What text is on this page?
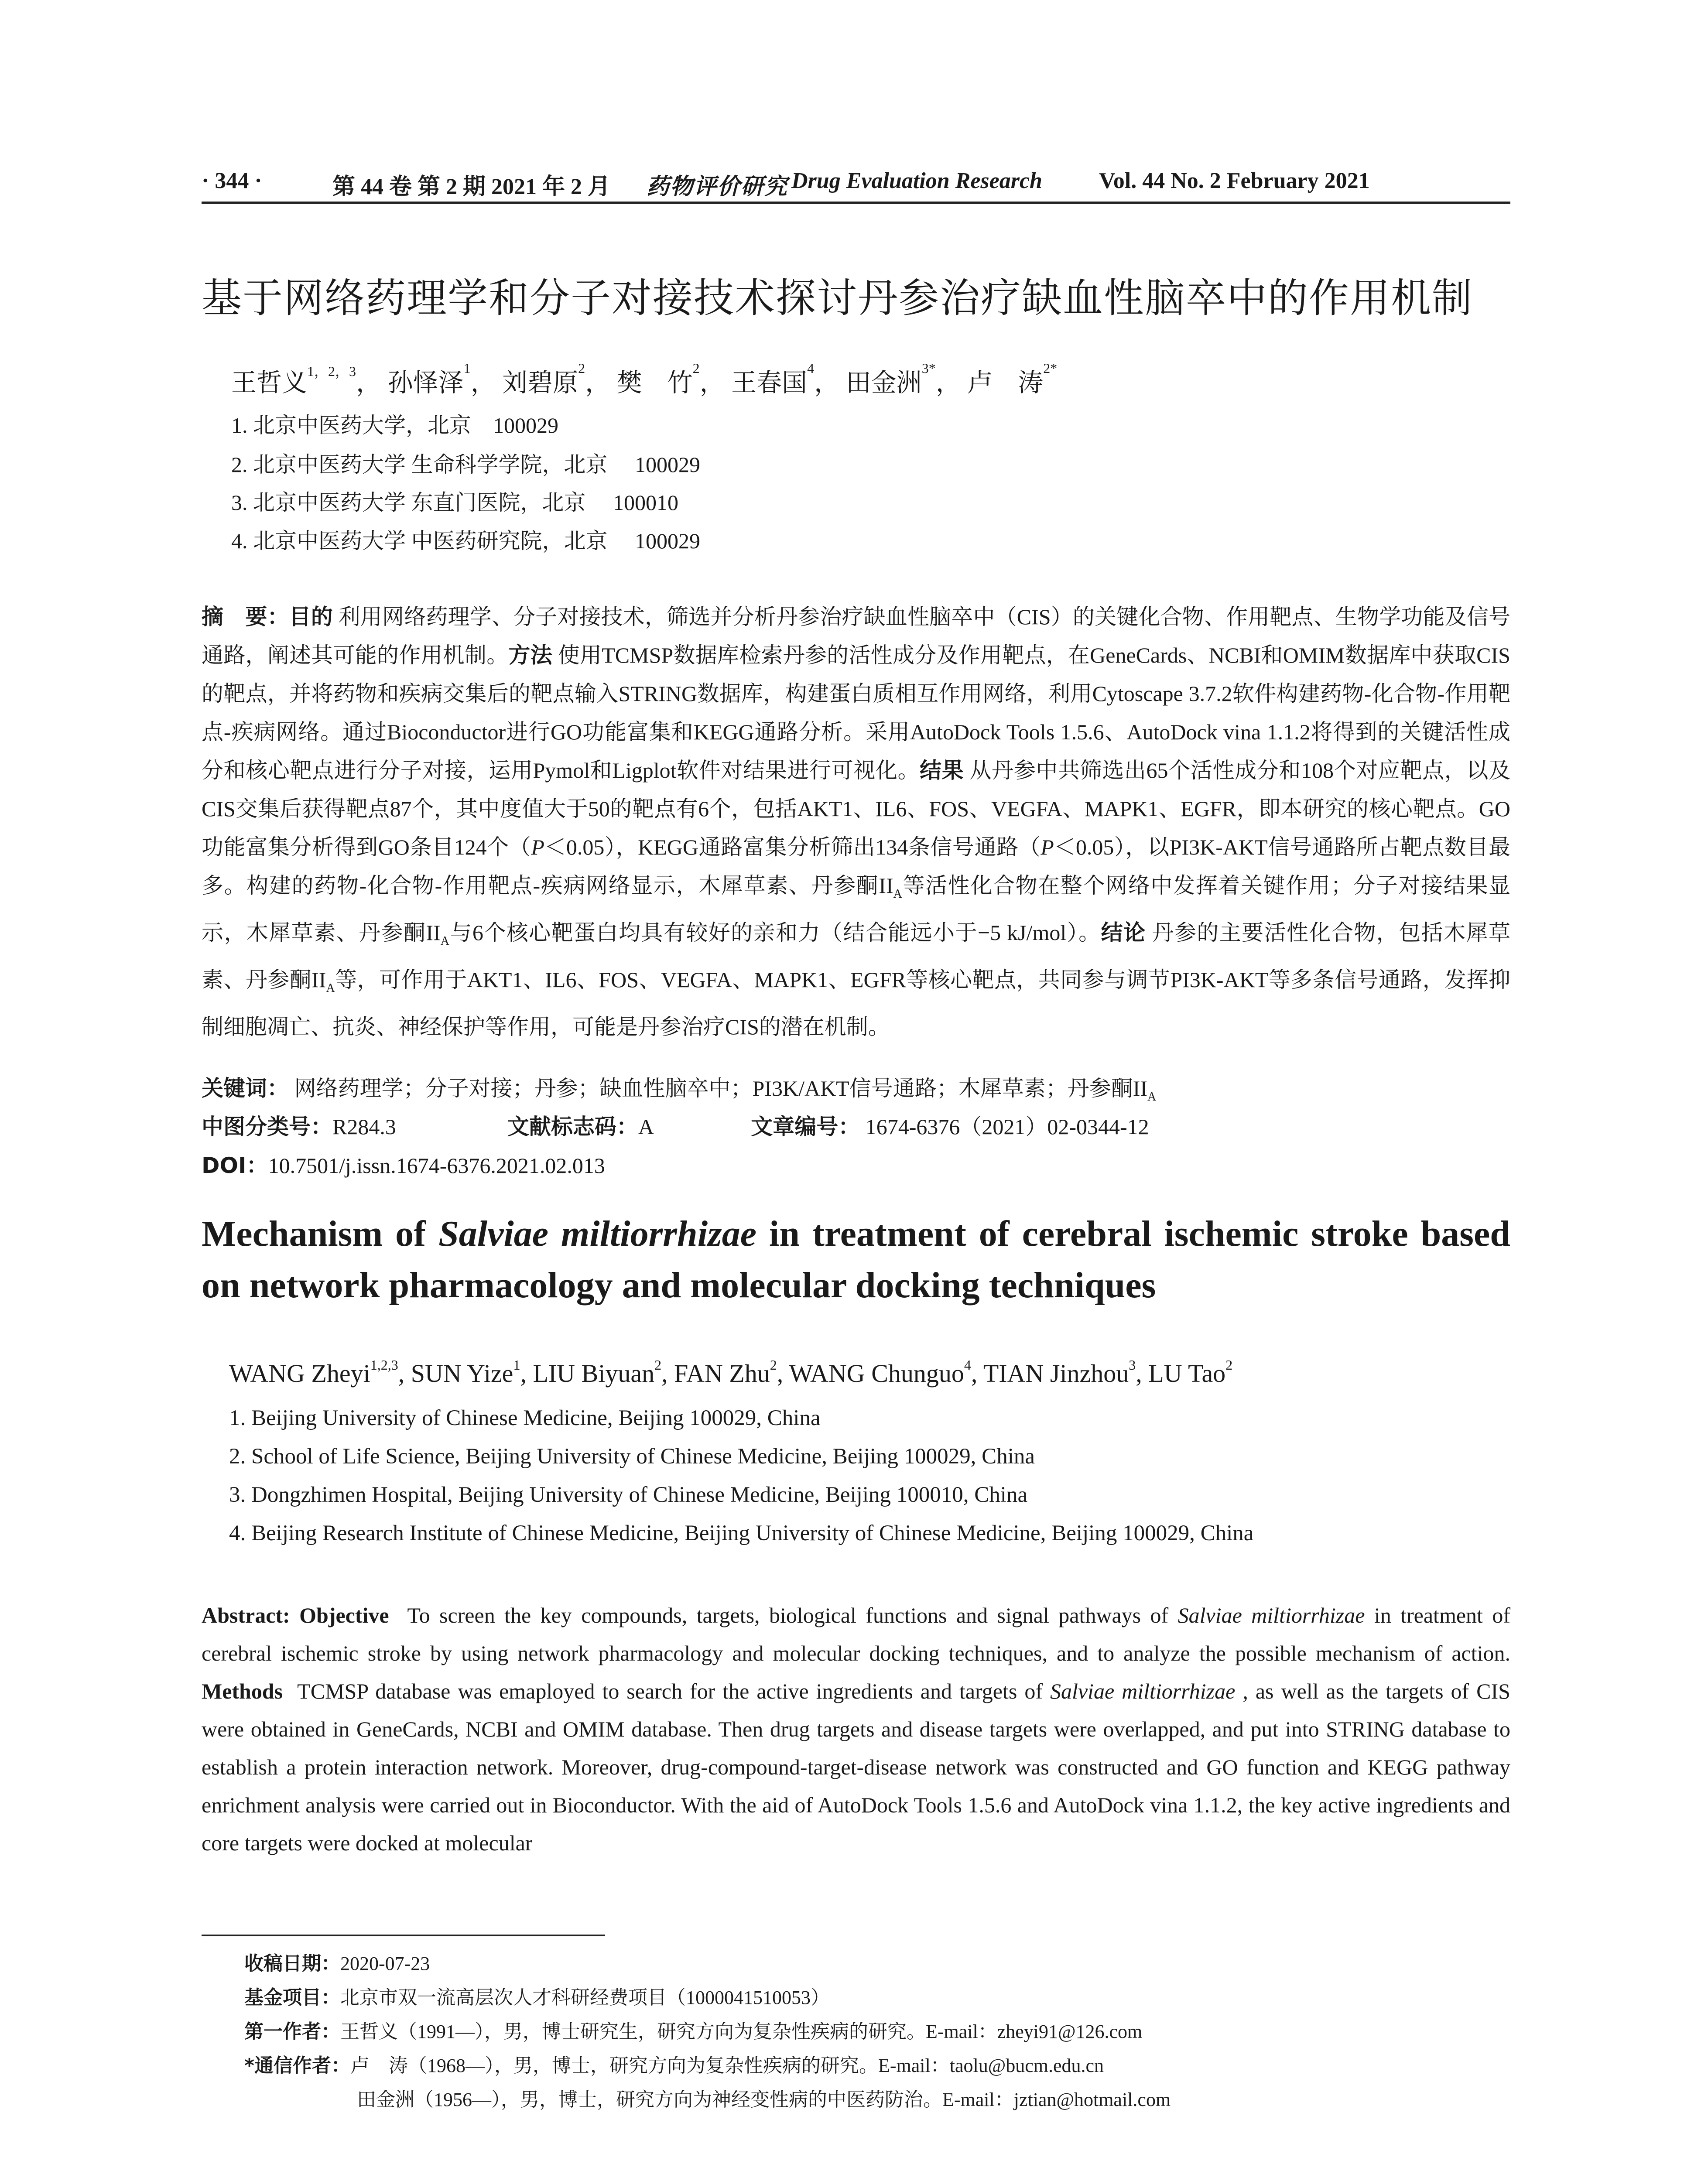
· 344 ·	第 44 卷 第 2 期 2021 年 2 月 药物评价研究 Drug Evaluation Research	Vol. 44 No. 2 February 2021
基于网络药理学和分子对接技术探讨丹参治疗缺血性脑卒中的作用机制
王哲义$^{1,2,3}$， 孙怿泽$^1$， 刘碧原$^2$， 樊　竹$^2$， 王春国$^4$， 田金洲$^{3*}$， 卢　涛$^{2*}$
1. 北京中医药大学，北京　100029
2. 北京中医药大学 生命科学学院，北京　 100029
3. 北京中医药大学 东直门医院，北京　 100010
4. 北京中医药大学 中医药研究院，北京　 100029
摘　要：目的 利用网络药理学、分子对接技术，筛选并分析丹参治疗缺血性脑卒中（CIS）的关键化合物、作用靶点、生物学功能及信号通路，阐述其可能的作用机制。方法 使用TCMSP数据库检索丹参的活性成分及作用靶点，在GeneCards、NCBI和OMIM数据库中获取CIS的靶点，并将药物和疾病交集后的靶点输入STRING数据库，构建蛋白质相互作用网络，利用Cytoscape 3.7.2软件构建药物-化合物-作用靶点-疾病网络。通过Bioconductor进行GO功能富集和KEGG通路分析。采用AutoDock Tools 1.5.6、AutoDock vina 1.1.2将得到的关键活性成分和核心靶点进行分子对接，运用Pymol和Ligplot软件对结果进行可视化。结果 从丹参中共筛选出65个活性成分和108个对应靶点，以及CIS交集后获得靶点87个，其中度值大于50的靶点有6个，包括AKT1、IL6、FOS、VEGFA、MAPK1、EGFR，即本研究的核心靶点。GO功能富集分析得到GO条目124个（P＜0.05），KEGG通路富集分析筛出134条信号通路（P＜0.05），以PI3K-AKT信号通路所占靶点数目最多。构建的药物-化合物-作用靶点-疾病网络显示，木犀草素、丹参酮$II_A$等活性化合物在整个网络中发挥着关键作用；分子对接结果显示，木犀草素、丹参酮$II_A$与6个核心靶蛋白均具有较好的亲和力（结合能远小于−5 kJ/mol）。结论 丹参的主要活性化合物，包括木犀草素、丹参酮$II_A$等，可作用于AKT1、IL6、FOS、VEGFA、MAPK1、EGFR等核心靶点，共同参与调节PI3K-AKT等多条信号通路，发挥抑制细胞凋亡、抗炎、神经保护等作用，可能是丹参治疗CIS的潜在机制。
关键词： 网络药理学；分子对接；丹参；缺血性脑卒中；PI3K/AKT信号通路；木犀草素；丹参酮$II_A$
中图分类号：R284.3	文献标志码：A	文章编号： 1674-6376（2021）02-0344-12
DOI：10.7501/j.issn.1674-6376.2021.02.013
Mechanism of Salviae miltiorrhizae in treatment of cerebral ischemic stroke based on network pharmacology and molecular docking techniques
WANG Zheyi$^{1,2,3}$, SUN Yize$^1$, LIU Biyuan$^2$, FAN Zhu$^2$, WANG Chunguo$^4$, TIAN Jinzhou$^3$, LU Tao$^2$
1. Beijing University of Chinese Medicine, Beijing 100029, China
2. School of Life Science, Beijing University of Chinese Medicine, Beijing 100029, China
3. Dongzhimen Hospital, Beijing University of Chinese Medicine, Beijing 100010, China
4. Beijing Research Institute of Chinese Medicine, Beijing University of Chinese Medicine, Beijing 100029, China
Abstract: Objective To screen the key compounds, targets, biological functions and signal pathways of Salviae miltiorrhizae in treatment of cerebral ischemic stroke by using network pharmacology and molecular docking techniques, and to analyze the possible mechanism of action. Methods TCMSP database was emaployed to search for the active ingredients and targets of Salviae miltiorrhizae , as well as the targets of CIS were obtained in GeneCards, NCBI and OMIM database. Then drug targets and disease targets were overlapped, and put into STRING database to establish a protein interaction network. Moreover, drug-compound-target-disease network was constructed and GO function and KEGG pathway enrichment analysis were carried out in Bioconductor. With the aid of AutoDock Tools 1.5.6 and AutoDock vina 1.1.2, the key active ingredients and core targets were docked at molecular
收稿日期：2020-07-23
基金项目：北京市双一流高层次人才科研经费项目（1000041510053）
第一作者：王哲义（1991—），男，博士研究生，研究方向为复杂性疾病的研究。E-mail：zheyi91@126.com
*通信作者：卢　涛（1968—），男，博士，研究方向为复杂性疾病的研究。E-mail：taolu@bucm.edu.cn
田金洲（1956—），男，博士，研究方向为神经变性病的中医药防治。E-mail：jztian@hotmail.com
